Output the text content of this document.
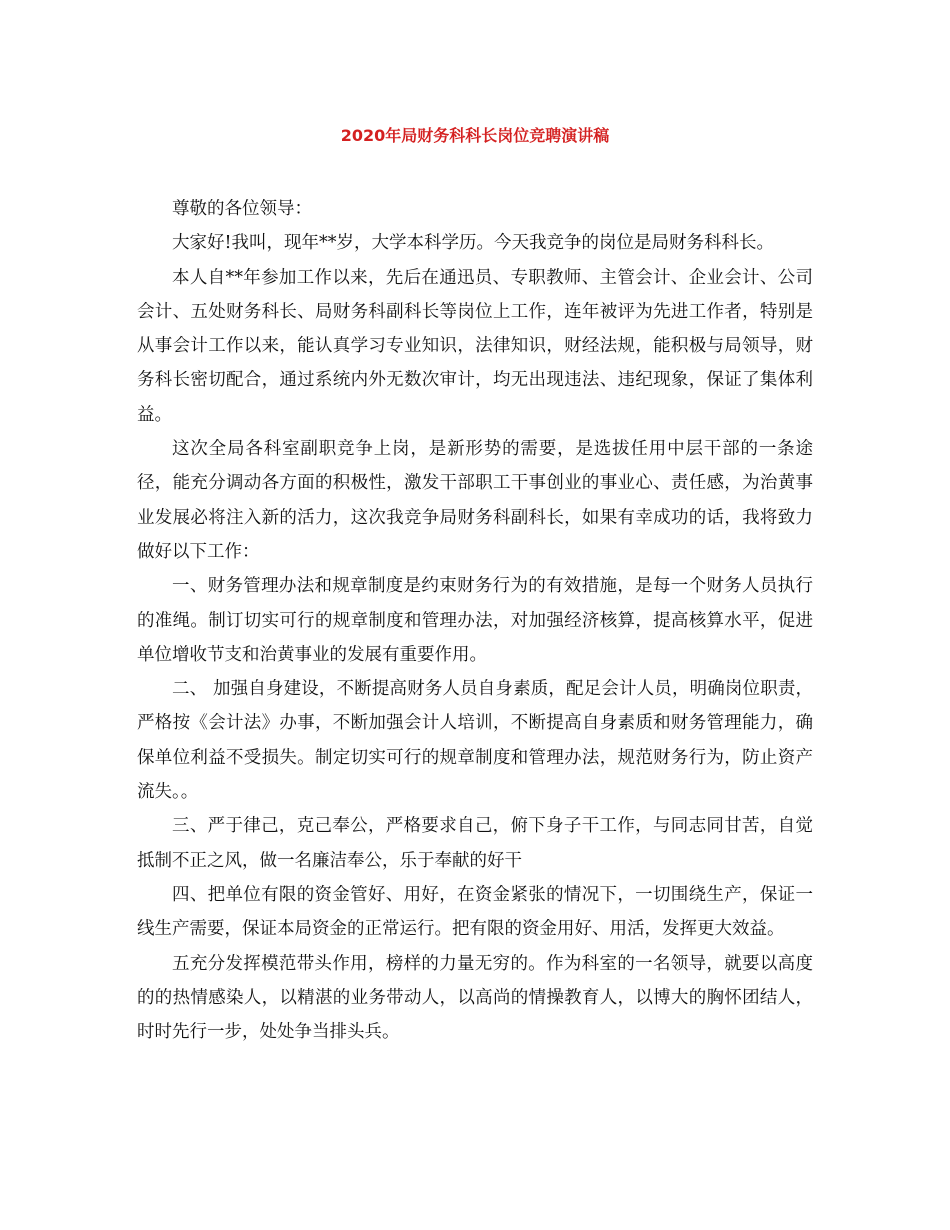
2020年局财务科科长岗位竞聘演讲稿

尊敬的各位领导：

大家好!我叫，现年**岁，大学本科学历。今天我竞争的岗位是局财务科科长。

本人自**年参加工作以来，先后在通迅员、专职教师、主管会计、企业会计、公司会计、五处财务科长、局财务科副科长等岗位上工作，连年被评为先进工作者，特别是从事会计工作以来，能认真学习专业知识，法律知识，财经法规，能积极与局领导，财务科长密切配合，通过系统内外无数次审计，均无出现违法、违纪现象，保证了集体利益。

这次全局各科室副职竞争上岗，是新形势的需要，是选拔任用中层干部的一条途径，能充分调动各方面的积极性，激发干部职工干事创业的事业心、责任感，为治黄事业发展必将注入新的活力，这次我竞争局财务科副科长，如果有幸成功的话，我将致力做好以下工作：

一、财务管理办法和规章制度是约束财务行为的有效措施，是每一个财务人员执行的准绳。制订切实可行的规章制度和管理办法，对加强经济核算，提高核算水平，促进单位增收节支和治黄事业的发展有重要作用。

二、 加强自身建设，不断提高财务人员自身素质，配足会计人员，明确岗位职责，严格按《会计法》办事，不断加强会计人培训，不断提高自身素质和财务管理能力，确保单位利益不受损失。制定切实可行的规章制度和管理办法，规范财务行为，防止资产流失。。

三、严于律己，克己奉公，严格要求自己，俯下身子干工作，与同志同甘苦，自觉抵制不正之风，做一名廉洁奉公，乐于奉献的好干

四、把单位有限的资金管好、用好，在资金紧张的情况下，一切围绕生产，保证一线生产需要，保证本局资金的正常运行。把有限的资金用好、用活，发挥更大效益。

五充分发挥模范带头作用，榜样的力量无穷的。作为科室的一名领导，就要以高度的的热情感染人，以精湛的业务带动人，以高尚的情操教育人，以博大的胸怀团结人，时时先行一步，处处争当排头兵。
